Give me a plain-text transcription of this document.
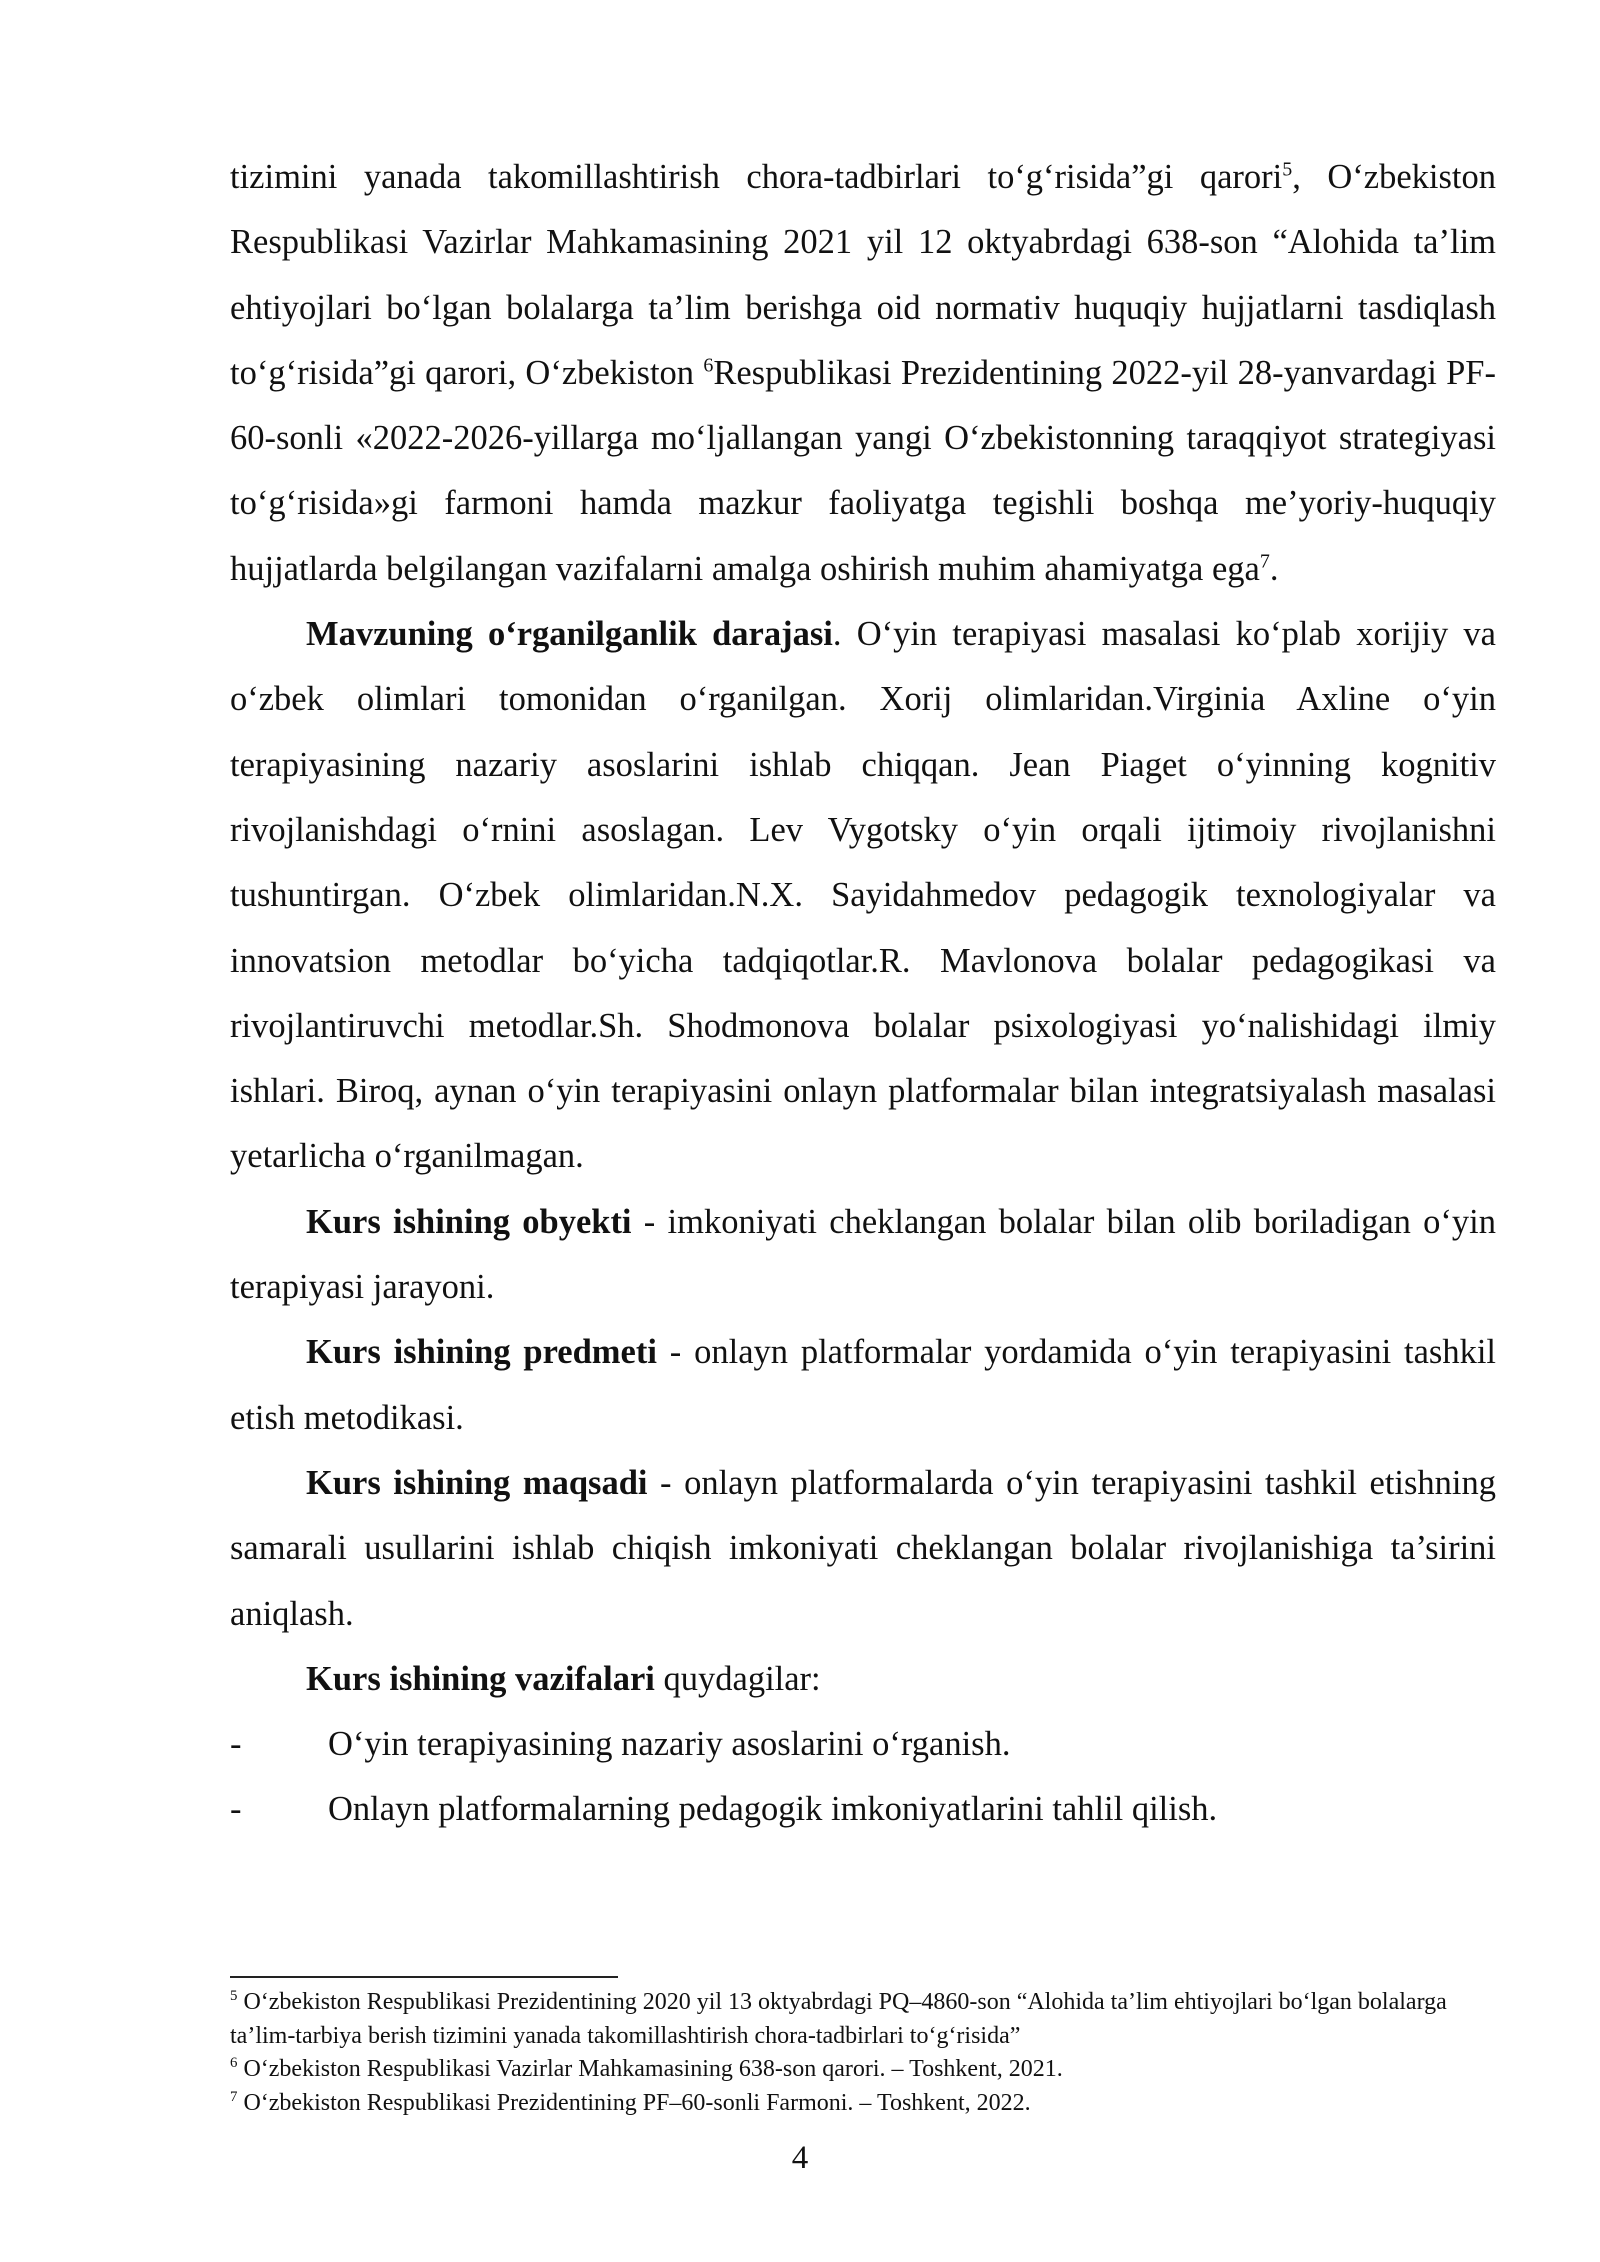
tizimini yanada takomillashtirish chora-tadbirlari to‘g‘risida”gi qarori$^5$, O‘zbekiston Respublikasi Vazirlar Mahkamasining 2021 yil 12 oktyabrdagi 638-son “Alohida ta’lim ehtiyojlari bo‘lgan bolalarga ta’lim berishga oid normativ huquqiy hujjatlarni tasdiqlash to‘g‘risida”gi qarori, O‘zbekiston $^6$Respublikasi Prezidentining 2022-yil 28-yanvardagi PF-60-sonli «2022-2026-yillarga mo‘ljallangan yangi O‘zbekistonning taraqqiyot strategiyasi to‘g‘risida»gi farmoni hamda mazkur faoliyatga tegishli boshqa me’yoriy-huquqiy hujjatlarda belgilangan vazifalarni amalga oshirish muhim ahamiyatga ega$^7$.

Mavzuning o‘rganilganlik darajasi. O‘yin terapiyasi masalasi ko‘plab xorijiy va o‘zbek olimlari tomonidan o‘rganilgan. Xorij olimlaridan.Virginia Axline o‘yin terapiyasining nazariy asoslarini ishlab chiqqan. Jean Piaget o‘yinning kognitiv rivojlanishdagi o‘rnini asoslagan. Lev Vygotsky o‘yin orqali ijtimoiy rivojlanishni tushuntirgan. O‘zbek olimlaridan.N.X. Sayidahmedov pedagogik texnologiyalar va innovatsion metodlar bo‘yicha tadqiqotlar.R. Mavlonova bolalar pedagogikasi va rivojlantiruvchi metodlar.Sh. Shodmonova bolalar psixologiyasi yo‘nalishidagi ilmiy ishlari. Biroq, aynan o‘yin terapiyasini onlayn platformalar bilan integratsiyalash masalasi yetarlicha o‘rganilmagan.

Kurs ishining obyekti - imkoniyati cheklangan bolalar bilan olib boriladigan o‘yin terapiyasi jarayoni.

Kurs ishining predmeti - onlayn platformalar yordamida o‘yin terapiyasini tashkil etish metodikasi.

Kurs ishining maqsadi - onlayn platformalarda o‘yin terapiyasini tashkil etishning samarali usullarini ishlab chiqish imkoniyati cheklangan bolalar rivojlanishiga ta’sirini aniqlash.

Kurs ishining vazifalari quydagilar:

-	O‘yin terapiyasining nazariy asoslarini o‘rganish.
-	Onlayn platformalarning pedagogik imkoniyatlarini tahlil qilish.

$^5$ O‘zbekiston Respublikasi Prezidentining 2020 yil 13 oktyabrdagi PQ–4860-son “Alohida ta’lim ehtiyojlari bo‘lgan bolalarga ta’lim-tarbiya berish tizimini yanada takomillashtirish chora-tadbirlari to‘g‘risida”

$^6$ O‘zbekiston Respublikasi Vazirlar Mahkamasining 638-son qarori. – Toshkent, 2021.

$^7$ O‘zbekiston Respublikasi Prezidentining PF–60-sonli Farmoni. – Toshkent, 2022.

4
